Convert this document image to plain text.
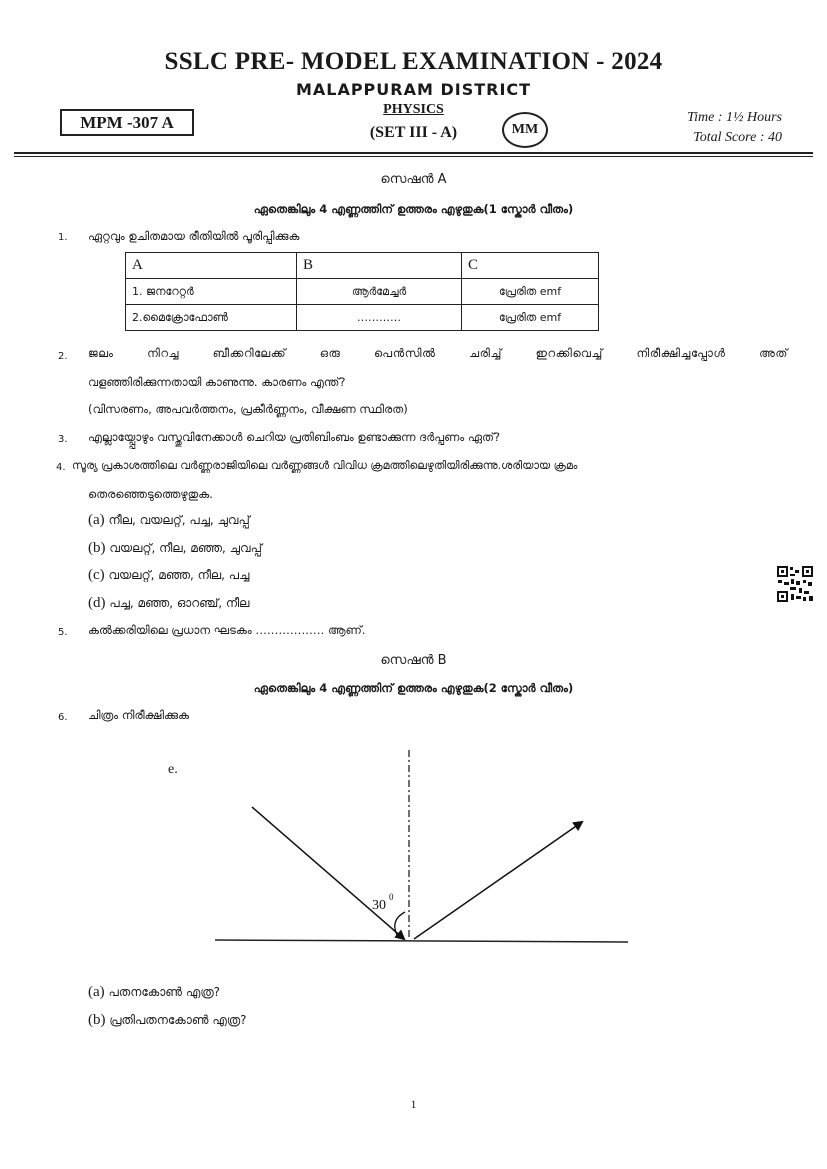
SSLC PRE- MODEL EXAMINATION - 2024
MALAPPURAM DISTRICT
MPM -307 A
PHYSICS
(SET III - A)	MM
Time : 1½ Hours
Total Score : 40
സെഷൻ A
ഏതെങ്കിലും 4 എണ്ണത്തിന് ഉത്തരം എഴുതുക(1 സ്കോർ വീതം)
1. ഏറ്റവും ഉചിതമായ രീതിയിൽ പൂരിപ്പിക്കുക
A	B	C
1. ജനറേറ്റർ	ആർമേച്ചർ	പ്രേരിത emf
2.മൈക്രോഫോൺ	…………	പ്രേരിത emf
2. ജലം നിറച്ച ബീക്കറിലേക്ക് ഒരു പെൻസിൽ ചരിച്ച് ഇറക്കിവെച്ച് നിരീക്ഷിച്ചപ്പോൾ അത്
വളഞ്ഞിരിക്കുന്നതായി കാണുന്നു. കാരണം എന്ത്?
(വിസരണം, അപവർത്തനം, പ്രകീർണ്ണനം, വീക്ഷണ സ്ഥിരത)
3. എല്ലായ്പ്പോഴും വസ്തുവിനേക്കാൾ ചെറിയ പ്രതിബിംബം ഉണ്ടാക്കുന്ന ദർപ്പണം ഏത്?
4. സൂര്യ പ്രകാശത്തിലെ വർണ്ണരാജിയിലെ വർണ്ണങ്ങൾ വിവിധ ക്രമത്തിലെഴുതിയിരിക്കുന്നു.ശരിയായ ക്രമം
തെരഞ്ഞെടുത്തെഴുതുക.
(a) നീല, വയലറ്റ്, പച്ച, ചുവപ്പ്
(b) വയലറ്റ്, നീല, മഞ്ഞ, ചുവപ്പ്
(c) വയലറ്റ്, മഞ്ഞ, നീല, പച്ച
(d) പച്ച, മഞ്ഞ, ഓറഞ്ച്, നീല
5. കൽക്കരിയിലെ പ്രധാന ഘടകം ……………… ആണ്.
സെഷൻ B
ഏതെങ്കിലും 4 എണ്ണത്തിന് ഉത്തരം എഴുതുക(2 സ്കോർ വീതം)
6. ചിത്രം നിരീക്ഷിക്കുക
30
0
e.
(a) പതനകോൺ എത്ര?
(b) പ്രതിപതനകോൺ എത്ര?
1
